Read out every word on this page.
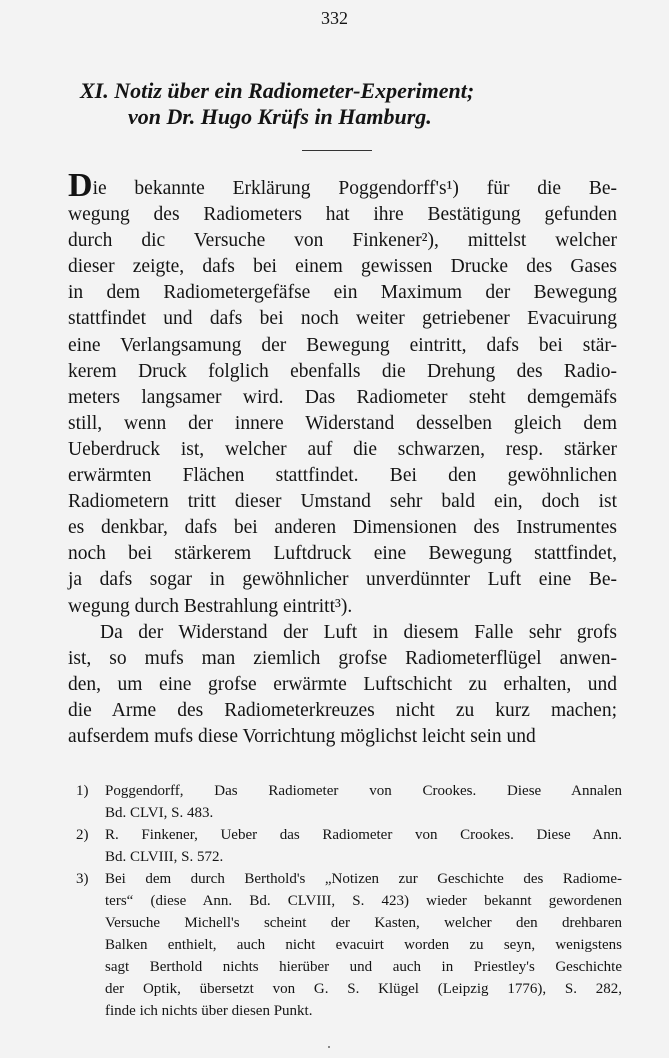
332
XI. Notiz über ein Radiometer-Experiment;
von Dr. Hugo Krüfs in Hamburg.
Die bekannte Erklärung Poggendorff's¹) für die Be-
wegung des Radiometers hat ihre Bestätigung gefunden
durch dic Versuche von Finkener²), mittelst welcher
dieser zeigte, dafs bei einem gewissen Drucke des Gases
in dem Radiometergefäfse ein Maximum der Bewegung
stattfindet und dafs bei noch weiter getriebener Evacuirung
eine Verlangsamung der Bewegung eintritt, dafs bei stär-
kerem Druck folglich ebenfalls die Drehung des Radio-
meters langsamer wird. Das Radiometer steht demgemäfs
still, wenn der innere Widerstand desselben gleich dem
Ueberdruck ist, welcher auf die schwarzen, resp. stärker
erwärmten Flächen stattfindet. Bei den gewöhnlichen
Radiometern tritt dieser Umstand sehr bald ein, doch ist
es denkbar, dafs bei anderen Dimensionen des Instrumentes
noch bei stärkerem Luftdruck eine Bewegung stattfindet,
ja dafs sogar in gewöhnlicher unverdünnter Luft eine Be-
wegung durch Bestrahlung eintritt³).
Da der Widerstand der Luft in diesem Falle sehr grofs
ist, so mufs man ziemlich grofse Radiometerflügel anwen-
den, um eine grofse erwärmte Luftschicht zu erhalten, und
die Arme des Radiometerkreuzes nicht zu kurz machen;
aufserdem mufs diese Vorrichtung möglichst leicht sein und
1) Poggendorff, Das Radiometer von Crookes. Diese Annalen
Bd. CLVI, S. 483.
2) R. Finkener, Ueber das Radiometer von Crookes. Diese Ann.
Bd. CLVIII, S. 572.
3) Bei dem durch Berthold's „Notizen zur Geschichte des Radiome-
ters“ (diese Ann. Bd. CLVIII, S. 423) wieder bekannt gewordenen
Versuche Michell's scheint der Kasten, welcher den drehbaren
Balken enthielt, auch nicht evacuirt worden zu seyn, wenigstens
sagt Berthold nichts hierüber und auch in Priestley's Geschichte
der Optik, übersetzt von G. S. Klügel (Leipzig 1776), S. 282,
finde ich nichts über diesen Punkt.
